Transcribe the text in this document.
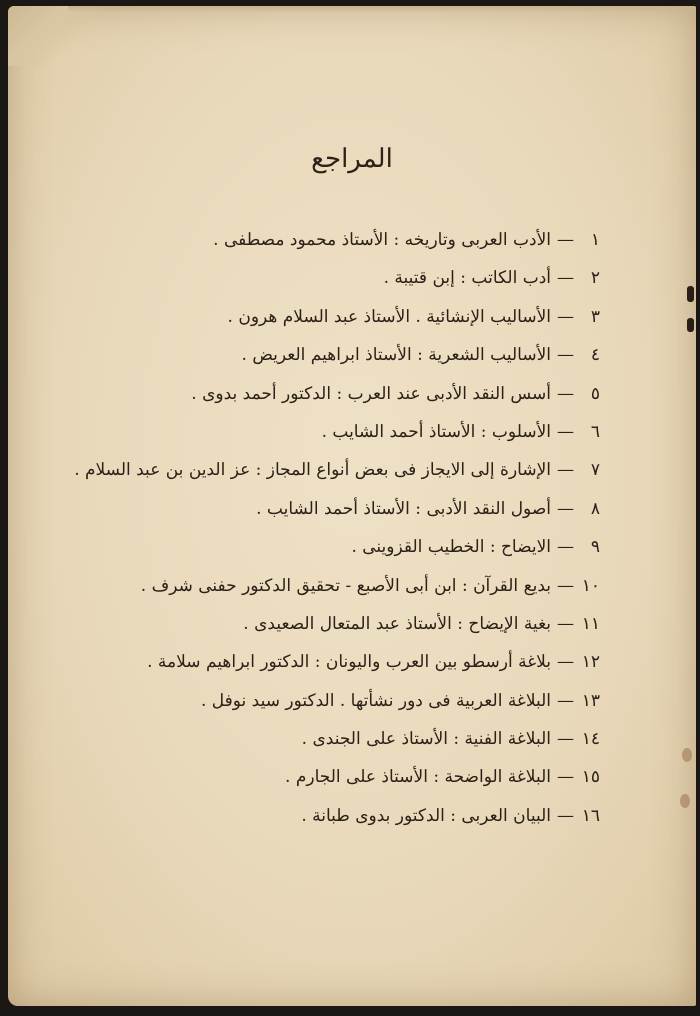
المراجع
١—الأدب العربى وتاريخه : الأستاذ محمود مصطفى .
٢—أدب الكاتب : إبن قتيبة .
٣—الأساليب الإنشائية . الأستاذ عبد السلام هرون .
٤—الأساليب الشعرية : الأستاذ ابراهيم العريض .
٥—أسس النقد الأدبى عند العرب : الدكتور أحمد بدوى .
٦—الأسلوب : الأستاذ أحمد الشايب .
٧—الإشارة إلى الايجاز فى بعض أنواع المجاز : عز الدين بن عبد السلام .
٨—أصول النقد الأدبى : الأستاذ أحمد الشايب .
٩—الايضاح : الخطيب القزوينى .
١٠—بديع القرآن : ابن أبى الأصبع - تحقيق الدكتور حفنى شرف .
١١—بغية الإيضاح : الأستاذ عبد المتعال الصعيدى .
١٢—بلاغة أرسطو بين العرب واليونان : الدكتور ابراهيم سلامة .
١٣—البلاغة العربية فى دور نشأتها . الدكتور سيد نوفل .
١٤—البلاغة الفنية : الأستاذ على الجندى .
١٥—البلاغة الواضحة : الأستاذ على الجارم .
١٦—البيان العربى : الدكتور بدوى طبانة .
